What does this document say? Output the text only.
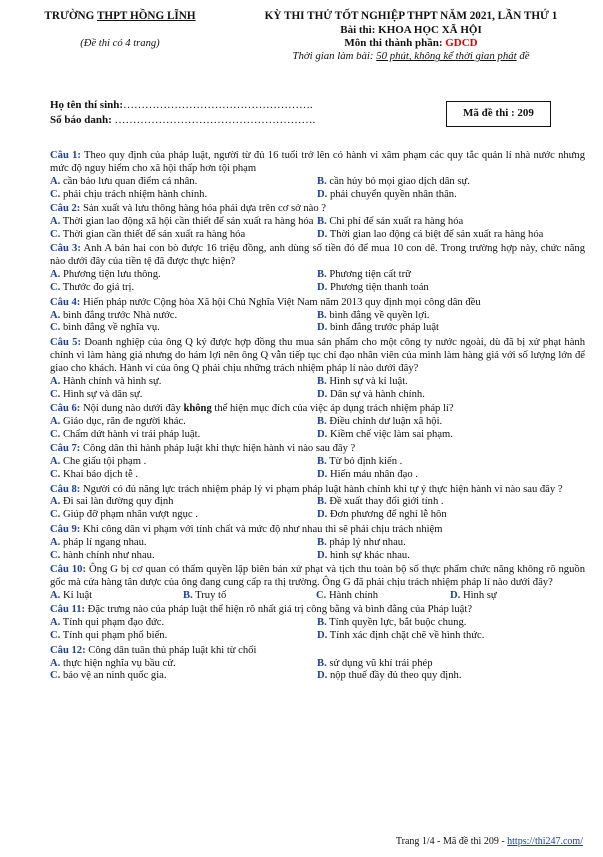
TRƯỜNG THPT HỒNG LĨNH
(Đề thi có 4 trang)
KỲ THI THỬ TỐT NGHIỆP THPT NĂM 2021, LẦN THỨ 1
Bài thi: KHOA HỌC XÃ HỘI
Môn thi thành phần: GDCD
Thời gian làm bài: 50 phút, không kể thời gian phát đề
Họ tên thí sinh:…………………………………………….
Số báo danh: ……………………………………………….
Mã đề thi : 209
Câu 1: Theo quy định của pháp luật, người từ đủ 16 tuổi trở lên có hành vi xâm phạm các quy tắc quản lí nhà nước nhưng mức độ nguy hiểm cho xã hội thấp hơn tội phạm
A. cần bảo lưu quan điểm cá nhân.	B. cần hủy bỏ mọi giao dịch dân sự.
C. phải chịu trách nhiệm hành chính.	D. phải chuyển quyền nhân thân.
Câu 2: Sản xuất và lưu thông hàng hóa phải dựa trên cơ sở nào ?
A. Thời gian lao động xã hội cần thiết để sản xuất ra hàng hóa B. Chi phí để sản xuất ra hàng hóa
C. Thời gian cần thiết để sản xuất ra hàng hóa	D. Thời gian lao động cá biệt để sản xuất ra hàng hóa
Câu 3: Anh A bán hai con bò được 16 triệu đồng, anh dùng số tiền đó để mua 10 con dê. Trong trường hợp này, chức năng nào dưới đây của tiền tệ đã được thực hiện?
A. Phương tiện lưu thông.	B. Phương tiện cất trữ
C. Thước đo giá trị.	D. Phương tiện thanh toán
Câu 4: Hiến pháp nước Cộng hòa Xã hội Chủ Nghĩa Việt Nam năm 2013 quy định mọi công dân đều
A. bình đẳng trước Nhà nước.	B. bình đẳng về quyền lợi.
C. bình đẳng về nghĩa vụ.	D. bình đẳng trước pháp luật
Câu 5: Doanh nghiệp của ông Q ký được hợp đồng thu mua sản phẩm cho một công ty nước ngoài, dù đã bị xử phạt hành chính vì làm hàng giả nhưng do hám lợi nên ông Q vẫn tiếp tục chỉ đạo nhân viên của mình làm hàng giả với số lượng lớn để giao cho khách. Hành vi của ông Q phải chịu những trách nhiệm pháp lí nào dưới đây?
A. Hành chính và hình sự.	B. Hình sự và kỉ luật.
C. Hình sự và dân sự.	D. Dân sự và hành chính.
Câu 6: Nội dung nào dưới đây không thể hiện mục đích của việc áp dụng trách nhiệm pháp lí?
A. Giáo dục, răn đe người khác.	B. Điều chỉnh dư luận xã hội.
C. Chấm dứt hành vi trái pháp luật.	D. Kiềm chế việc làm sai phạm.
Câu 7: Công dân thi hành pháp luật khi thực hiện hành vi nào sau đây ?
A. Che giấu tội phạm .	B. Từ bỏ định kiến .
C. Khai báo dịch tễ .	D. Hiến máu nhân đạo .
Câu 8: Người có đủ năng lực trách nhiệm pháp lý vi phạm pháp luật hành chính khi tự ý thực hiện hành vi nào sau đây ?
A. Đi sai làn đường quy định	B. Đề xuất thay đổi giới tính .
C. Giúp đỡ phạm nhân vượt ngục .	D. Đơn phương để nghỉ lễ hôn
Câu 9: Khi công dân vi phạm với tính chất và mức độ như nhau thì sẽ phải chịu trách nhiệm
A. pháp lí ngang nhau.	B. pháp lý như nhau.
C. hành chính như nhau.	D. hình sự khác nhau.
Câu 10: Ông G bị cơ quan có thẩm quyền lập biên bản xử phạt và tịch thu toàn bộ số thực phẩm chức năng không rõ nguồn gốc mà cửa hàng tân dược của ông đang cung cấp ra thị trường. Ông G đã phải chịu trách nhiệm pháp lí nào dưới đây?
A. Kỉ luật	B. Truy tố	C. Hành chính	D. Hình sự
Câu 11: Đặc trưng nào của pháp luật thể hiện rõ nhất giá trị công bằng và bình đẳng của Pháp luật?
A. Tính qui phạm đạo đức.	B. Tính quyền lực, bắt buộc chung.
C. Tính qui phạm phổ biến.	D. Tính xác định chặt chẽ về hình thức.
Câu 12: Công dân tuân thủ pháp luật khi từ chối
A. thực hiện nghĩa vụ bầu cử.	B. sử dụng vũ khí trái phép
C. bảo vệ an ninh quốc gia.	D. nộp thuế đầy đủ theo quy định.
Trang 1/4 - Mã đề thi 209 - https://thi247.com/
